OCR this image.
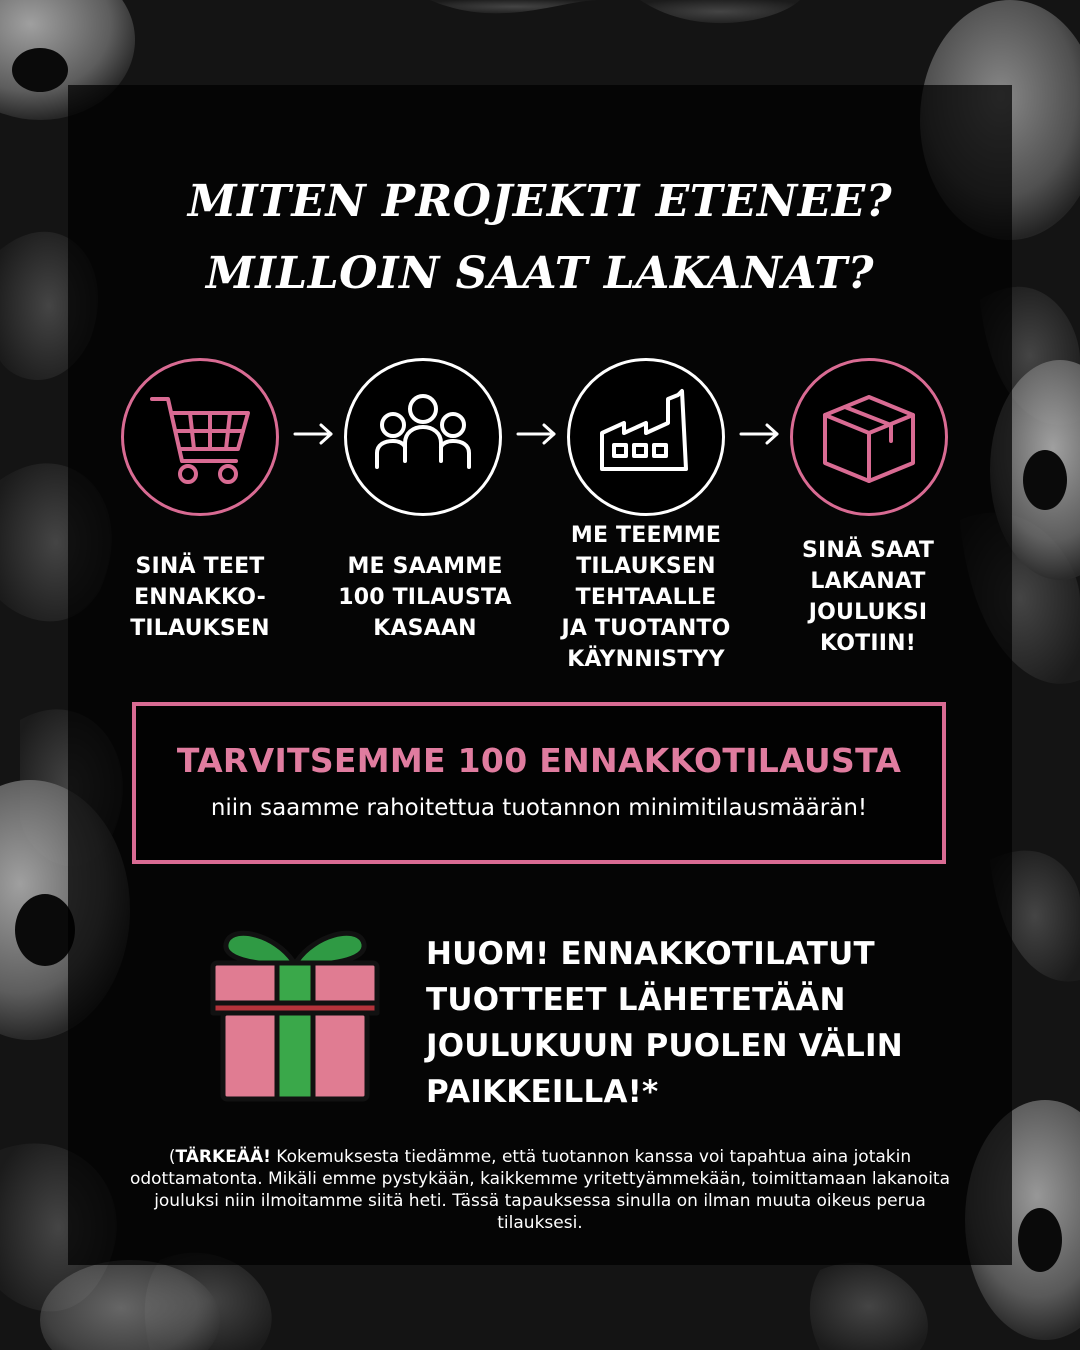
MITEN PROJEKTI ETENEE?
MILLOIN SAAT LAKANAT?
SINÄ TEET
ENNAKKO-
TILAUKSEN
ME SAAMME
100 TILAUSTA
KASAAN
ME TEEMME
TILAUKSEN
TEHTAALLE
JA TUOTANTO
KÄYNNISTYY
SINÄ SAAT
LAKANAT
JOULUKSI
KOTIIN!
TARVITSEMME 100 ENNAKKOTILAUSTA
niin saamme rahoitettua tuotannon minimitilausmäärän!
HUOM! ENNAKKOTILATUT TUOTTEET LÄHETETÄÄN JOULUKUUN PUOLEN VÄLIN PAIKKEILLA!*
(TÄRKEÄÄ! Kokemuksesta tiedämme, että tuotannon kanssa voi tapahtua aina jotakin odottamatonta. Mikäli emme pystykään, kaikkemme yritettyämmekään, toimittamaan lakanoita jouluksi niin ilmoitamme siitä heti. Tässä tapauksessa sinulla on ilman muuta oikeus perua tilauksesi.
